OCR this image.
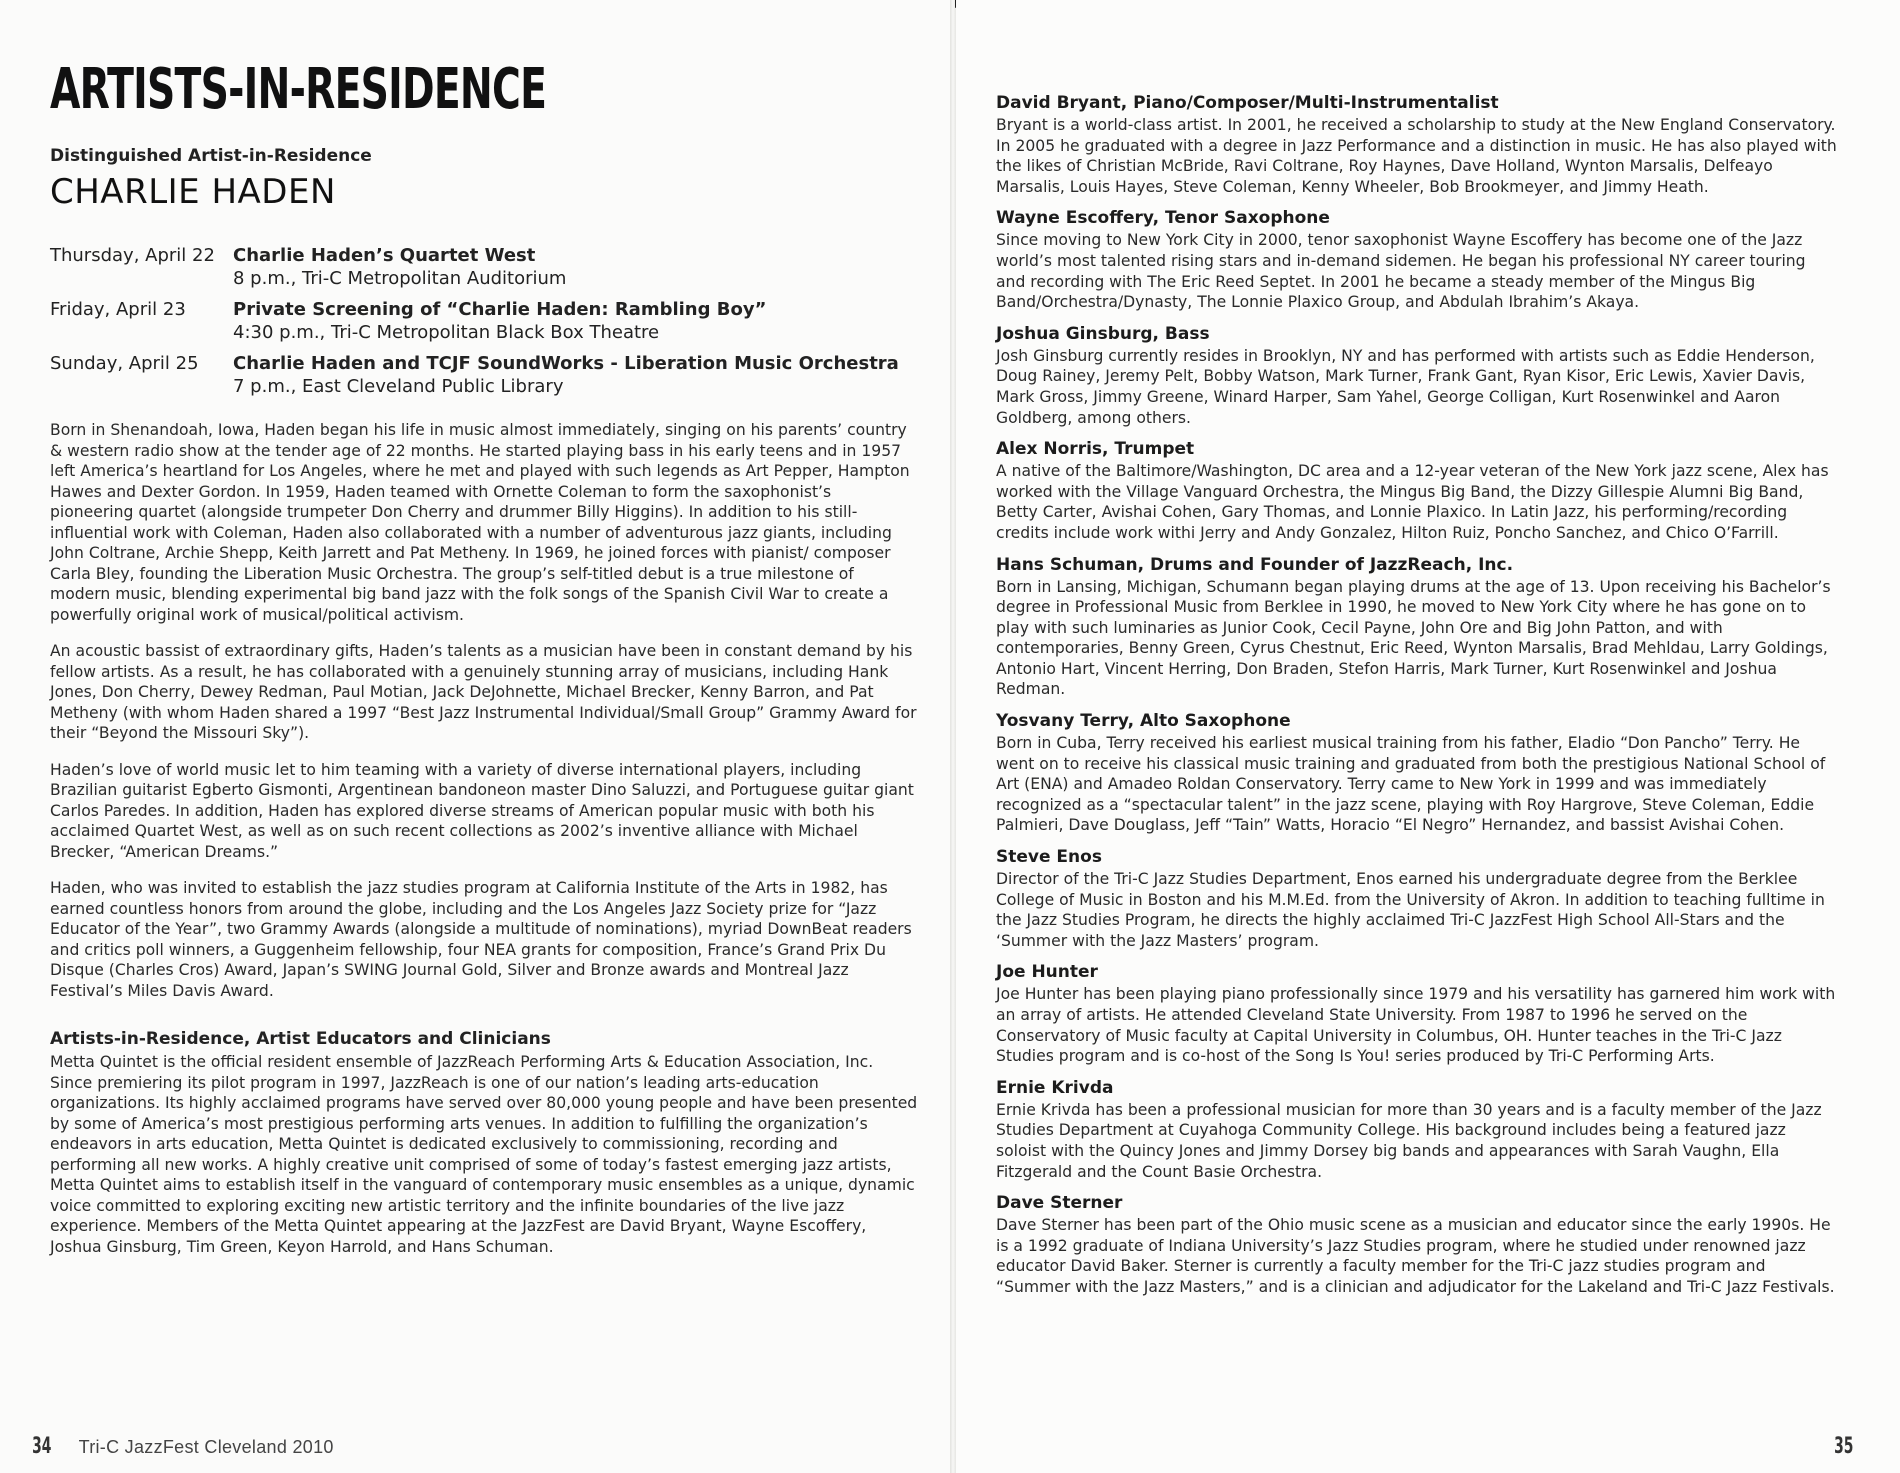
ARTISTS-IN-RESIDENCE

Distinguished Artist-in-Residence

CHARLIE HADEN

Thursday, April 22	Charlie Haden’s Quartet West
8 p.m., Tri-C Metropolitan Auditorium

Friday, April 23	Private Screening of “Charlie Haden: Rambling Boy”
4:30 p.m., Tri-C Metropolitan Black Box Theatre

Sunday, April 25	Charlie Haden and TCJF SoundWorks - Liberation Music Orchestra
7 p.m., East Cleveland Public Library

Born in Shenandoah, Iowa, Haden began his life in music almost immediately, singing on his parents’ country & western radio show at the tender age of 22 months. He started playing bass in his early teens and in 1957 left America’s heartland for Los Angeles, where he met and played with such legends as Art Pepper, Hampton Hawes and Dexter Gordon. In 1959, Haden teamed with Ornette Coleman to form the saxophonist’s pioneering quartet (alongside trumpeter Don Cherry and drummer Billy Higgins). In addition to his still-influential work with Coleman, Haden also collaborated with a number of adventurous jazz giants, including John Coltrane, Archie Shepp, Keith Jarrett and Pat Metheny. In 1969, he joined forces with pianist/ composer Carla Bley, founding the Liberation Music Orchestra. The group’s self-titled debut is a true milestone of modern music, blending experimental big band jazz with the folk songs of the Spanish Civil War to create a powerfully original work of musical/political activism.

An acoustic bassist of extraordinary gifts, Haden’s talents as a musician have been in constant demand by his fellow artists. As a result, he has collaborated with a genuinely stunning array of musicians, including Hank Jones, Don Cherry, Dewey Redman, Paul Motian, Jack DeJohnette, Michael Brecker, Kenny Barron, and Pat Metheny (with whom Haden shared a 1997 “Best Jazz Instrumental Individual/Small Group” Grammy Award for their “Beyond the Missouri Sky”).

Haden’s love of world music let to him teaming with a variety of diverse international players, including Brazilian guitarist Egberto Gismonti, Argentinean bandoneon master Dino Saluzzi, and Portuguese guitar giant Carlos Paredes. In addition, Haden has explored diverse streams of American popular music with both his acclaimed Quartet West, as well as on such recent collections as 2002’s inventive alliance with Michael Brecker, “American Dreams.”

Haden, who was invited to establish the jazz studies program at California Institute of the Arts in 1982, has earned countless honors from around the globe, including and the Los Angeles Jazz Society prize for “Jazz Educator of the Year”, two Grammy Awards (alongside a multitude of nominations), myriad DownBeat readers and critics poll winners, a Guggenheim fellowship, four NEA grants for composition, France’s Grand Prix Du Disque (Charles Cros) Award, Japan’s SWING Journal Gold, Silver and Bronze awards and Montreal Jazz Festival’s Miles Davis Award.

Artists-in-Residence, Artist Educators and Clinicians

Metta Quintet is the official resident ensemble of JazzReach Performing Arts & Education Association, Inc. Since premiering its pilot program in 1997, JazzReach is one of our nation’s leading arts-education organizations. Its highly acclaimed programs have served over 80,000 young people and have been presented by some of America’s most prestigious performing arts venues. In addition to fulfilling the organization’s endeavors in arts education, Metta Quintet is dedicated exclusively to commissioning, recording and performing all new works. A highly creative unit comprised of some of today’s fastest emerging jazz artists, Metta Quintet aims to establish itself in the vanguard of contemporary music ensembles as a unique, dynamic voice committed to exploring exciting new artistic territory and the infinite boundaries of the live jazz experience. Members of the Metta Quintet appearing at the JazzFest are David Bryant, Wayne Escoffery, Joshua Ginsburg, Tim Green, Keyon Harrold, and Hans Schuman.

34 Tri-C JazzFest Cleveland 2010

David Bryant, Piano/Composer/Multi-Instrumentalist

Bryant is a world-class artist. In 2001, he received a scholarship to study at the New England Conservatory. In 2005 he graduated with a degree in Jazz Performance and a distinction in music. He has also played with the likes of Christian McBride, Ravi Coltrane, Roy Haynes, Dave Holland, Wynton Marsalis, Delfeayo Marsalis, Louis Hayes, Steve Coleman, Kenny Wheeler, Bob Brookmeyer, and Jimmy Heath.

Wayne Escoffery, Tenor Saxophone

Since moving to New York City in 2000, tenor saxophonist Wayne Escoffery has become one of the Jazz world’s most talented rising stars and in-demand sidemen. He began his professional NY career touring and recording with The Eric Reed Septet. In 2001 he became a steady member of the Mingus Big Band/Orchestra/Dynasty, The Lonnie Plaxico Group, and Abdulah Ibrahim’s Akaya.

Joshua Ginsburg, Bass

Josh Ginsburg currently resides in Brooklyn, NY and has performed with artists such as Eddie Henderson, Doug Rainey, Jeremy Pelt, Bobby Watson, Mark Turner, Frank Gant, Ryan Kisor, Eric Lewis, Xavier Davis, Mark Gross, Jimmy Greene, Winard Harper, Sam Yahel, George Colligan, Kurt Rosenwinkel and Aaron Goldberg, among others.

Alex Norris, Trumpet

A native of the Baltimore/Washington, DC area and a 12-year veteran of the New York jazz scene, Alex has worked with the Village Vanguard Orchestra, the Mingus Big Band, the Dizzy Gillespie Alumni Big Band, Betty Carter, Avishai Cohen, Gary Thomas, and Lonnie Plaxico. In Latin Jazz, his performing/recording credits include work withi Jerry and Andy Gonzalez, Hilton Ruiz, Poncho Sanchez, and Chico O’Farrill.

Hans Schuman, Drums and Founder of JazzReach, Inc.

Born in Lansing, Michigan, Schumann began playing drums at the age of 13. Upon receiving his Bachelor’s degree in Professional Music from Berklee in 1990, he moved to New York City where he has gone on to play with such luminaries as Junior Cook, Cecil Payne, John Ore and Big John Patton, and with contemporaries, Benny Green, Cyrus Chestnut, Eric Reed, Wynton Marsalis, Brad Mehldau, Larry Goldings, Antonio Hart, Vincent Herring, Don Braden, Stefon Harris, Mark Turner, Kurt Rosenwinkel and Joshua Redman.

Yosvany Terry, Alto Saxophone

Born in Cuba, Terry received his earliest musical training from his father, Eladio “Don Pancho” Terry. He went on to receive his classical music training and graduated from both the prestigious National School of Art (ENA) and Amadeo Roldan Conservatory. Terry came to New York in 1999 and was immediately recognized as a “spectacular talent” in the jazz scene, playing with Roy Hargrove, Steve Coleman, Eddie Palmieri, Dave Douglass, Jeff “Tain” Watts, Horacio “El Negro” Hernandez, and bassist Avishai Cohen.

Steve Enos

Director of the Tri-C Jazz Studies Department, Enos earned his undergraduate degree from the Berklee College of Music in Boston and his M.M.Ed. from the University of Akron. In addition to teaching fulltime in the Jazz Studies Program, he directs the highly acclaimed Tri-C JazzFest High School All-Stars and the ‘Summer with the Jazz Masters’ program.

Joe Hunter

Joe Hunter has been playing piano professionally since 1979 and his versatility has garnered him work with an array of artists. He attended Cleveland State University. From 1987 to 1996 he served on the Conservatory of Music faculty at Capital University in Columbus, OH. Hunter teaches in the Tri-C Jazz Studies program and is co-host of the Song Is You! series produced by Tri-C Performing Arts.

Ernie Krivda

Ernie Krivda has been a professional musician for more than 30 years and is a faculty member of the Jazz Studies Department at Cuyahoga Community College. His background includes being a featured jazz soloist with the Quincy Jones and Jimmy Dorsey big bands and appearances with Sarah Vaughn, Ella Fitzgerald and the Count Basie Orchestra.

Dave Sterner

Dave Sterner has been part of the Ohio music scene as a musician and educator since the early 1990s. He is a 1992 graduate of Indiana University’s Jazz Studies program, where he studied under renowned jazz educator David Baker. Sterner is currently a faculty member for the Tri-C jazz studies program and “Summer with the Jazz Masters,” and is a clinician and adjudicator for the Lakeland and Tri-C Jazz Festivals.

35
